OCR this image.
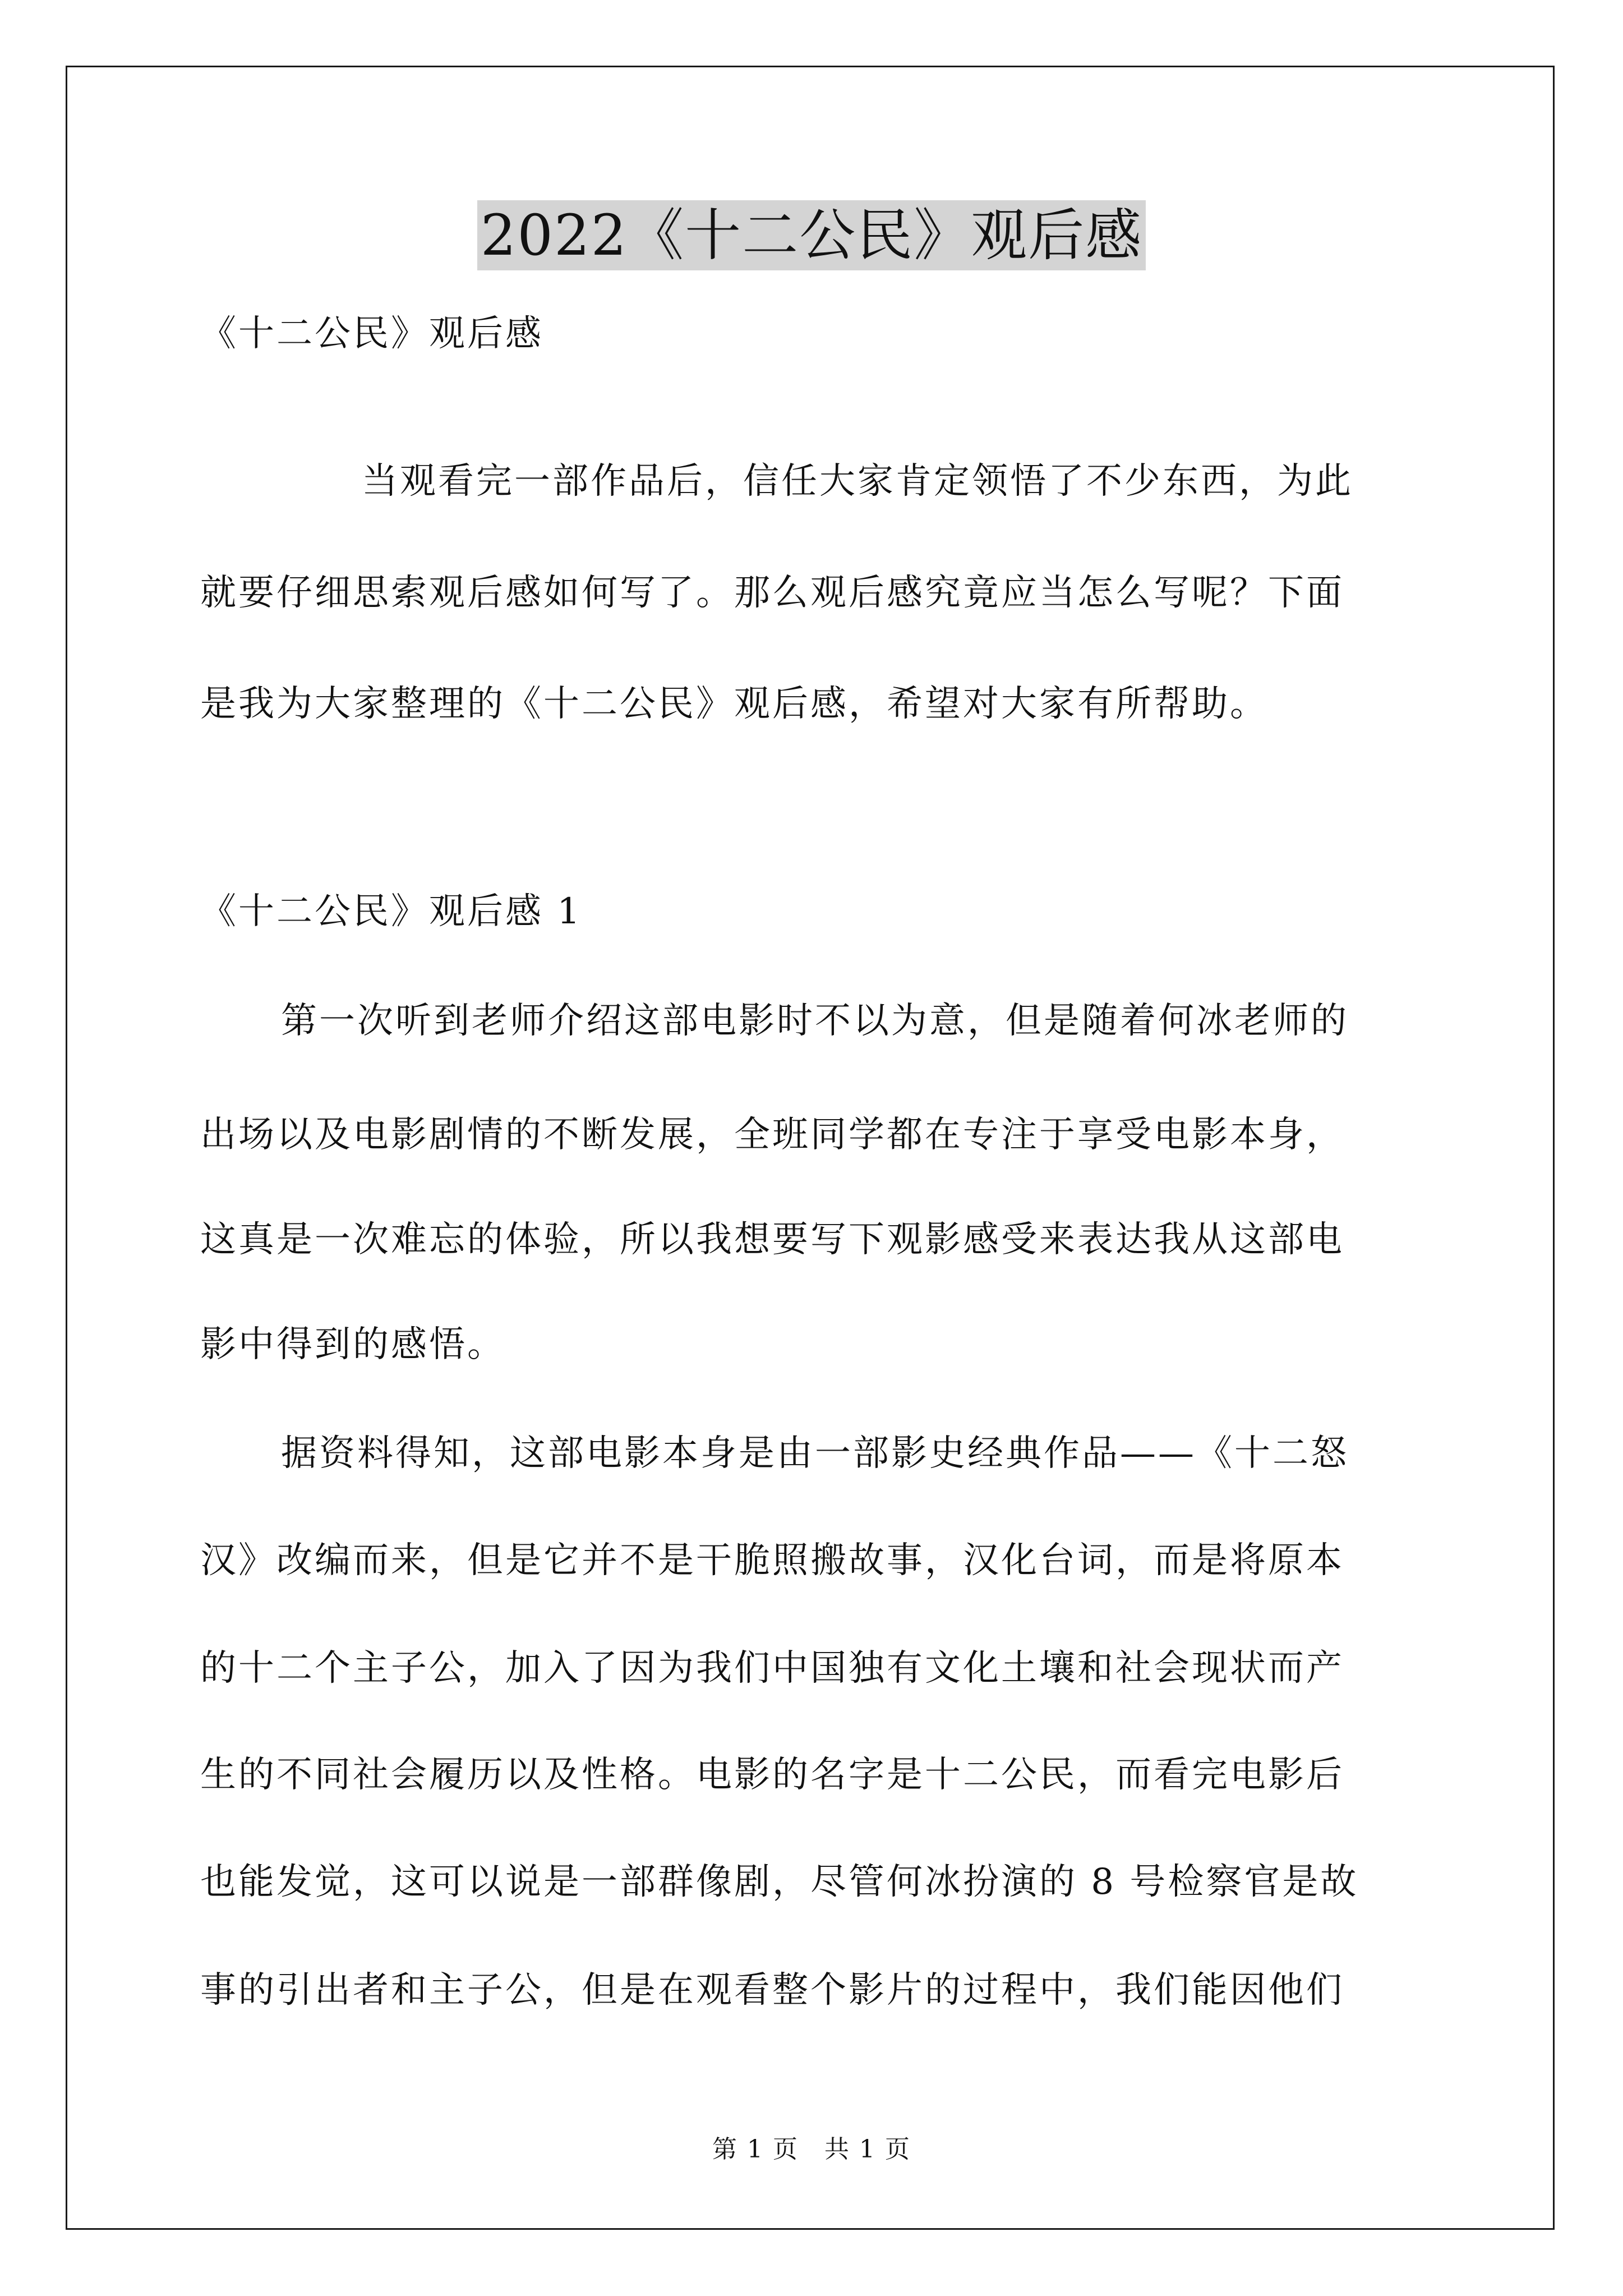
2022《十二公民》观后感
《十二公民》观后感
当观看完一部作品后，信任大家肯定领悟了不少东西，为此
就要仔细思索观后感如何写了。那么观后感究竟应当怎么写呢？下面
是我为大家整理的《十二公民》观后感，希望对大家有所帮助。
《十二公民》观后感 1
第一次听到老师介绍这部电影时不以为意，但是随着何冰老师的
出场以及电影剧情的不断发展，全班同学都在专注于享受电影本身，
这真是一次难忘的体验，所以我想要写下观影感受来表达我从这部电
影中得到的感悟。
据资料得知，这部电影本身是由一部影史经典作品——《十二怒
汉》改编而来，但是它并不是干脆照搬故事，汉化台词，而是将原本
的十二个主子公，加入了因为我们中国独有文化土壤和社会现状而产
生的不同社会履历以及性格。电影的名字是十二公民，而看完电影后
也能发觉，这可以说是一部群像剧，尽管何冰扮演的 8 号检察官是故
事的引出者和主子公，但是在观看整个影片的过程中，我们能因他们
第 1 页　共 1 页
